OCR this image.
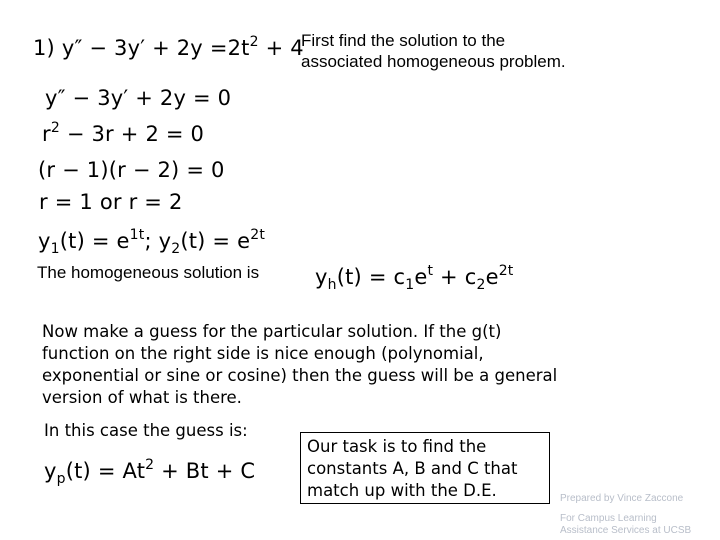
1) $y'' - 3y' + 2y =2t^2 + 4$
First find the solution to the
associated homogeneous problem.
y″ − 3y′ + 2y = 0
$r^2 - 3r + 2 = 0$
(r − 1)(r − 2) = 0
r = 1 or r = 2
$y_1(t) = e^{1t}$; $y_2(t) = e^{2t}$
The homogeneous solution is	$y_h(t) = c_1e^t + c_2e^{2t}$
Now make a guess for the particular solution. If the g(t) function on the right side is nice enough (polynomial, exponential or sine or cosine) then the guess will be a general version of what is there.
In this case the guess is:
$y_p(t) = At^2 + Bt + C$
Our task is to find the constants A, B and C that match up with the D.E.	Prepared by Vince Zaccone
For Campus Learning
Assistance Services at UCSB
